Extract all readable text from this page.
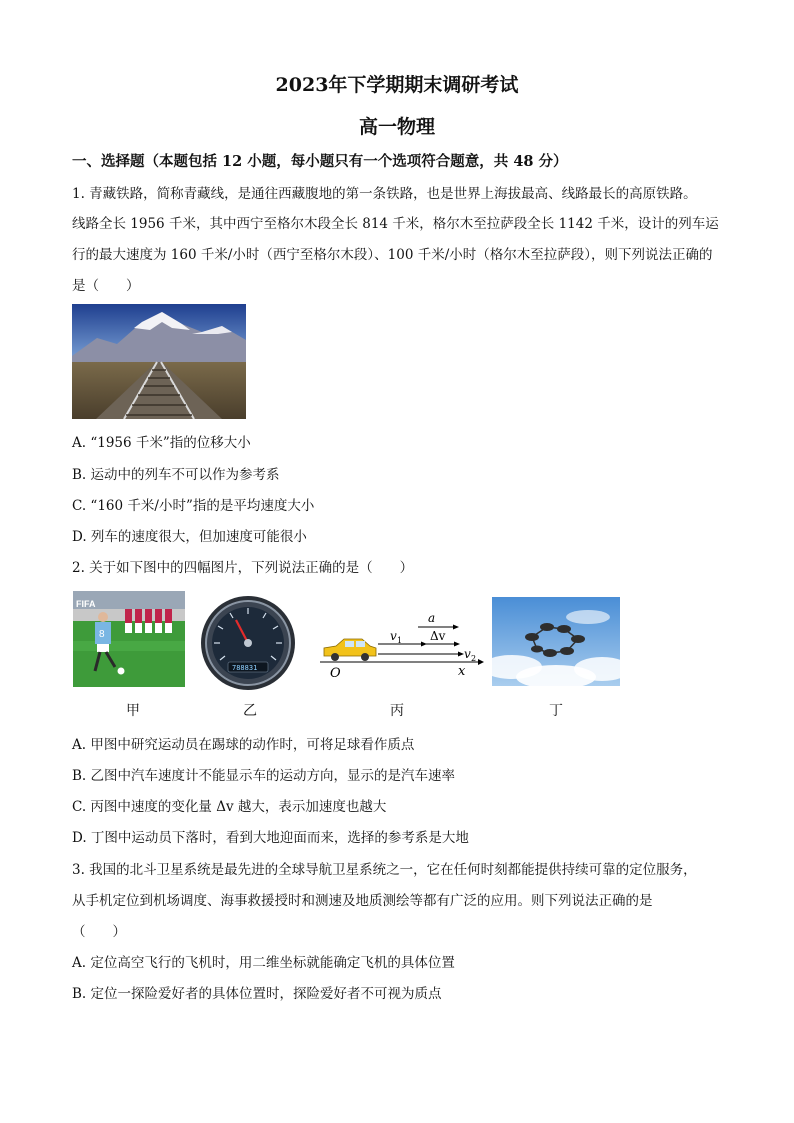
2023年下学期期末调研考试
高一物理
一、选择题（本题包括 12 小题，每小题只有一个选项符合题意，共 48 分）
1. 青藏铁路，简称青藏线，是通往西藏腹地的第一条铁路，也是世界上海拔最高、线路最长的高原铁路。
线路全长 1956 千米，其中西宁至格尔木段全长 814 千米，格尔木至拉萨段全长 1142 千米，设计的列车运
行的最大速度为 160 千米/小时（西宁至格尔木段）、100 千米/小时（格尔木至拉萨段），则下列说法正确的
是（　　）
A. “1956 千米”指的位移大小
B. 运动中的列车不可以作为参考系
C. “160 千米/小时”指的是平均速度大小
D. 列车的速度很大，但加速度可能很小
2. 关于如下图中的四幅图片，下列说法正确的是（　　）
FIFA
8
788831
a
v 1 Δv
v 2
O	x
甲	乙	丙	丁
A. 甲图中研究运动员在踢球的动作时，可将足球看作质点
B. 乙图中汽车速度计不能显示车的运动方向，显示的是汽车速率
C. 丙图中速度的变化量 Δv 越大，表示加速度也越大
D. 丁图中运动员下落时，看到大地迎面而来，选择的参考系是大地
3. 我国的北斗卫星系统是最先进的全球导航卫星系统之一，它在任何时刻都能提供持续可靠的定位服务，
从手机定位到机场调度、海事救援授时和测速及地质测绘等都有广泛的应用。则下列说法正确的是
（　　）
A. 定位高空飞行的飞机时，用二维坐标就能确定飞机的具体位置
B. 定位一探险爱好者的具体位置时，探险爱好者不可视为质点
